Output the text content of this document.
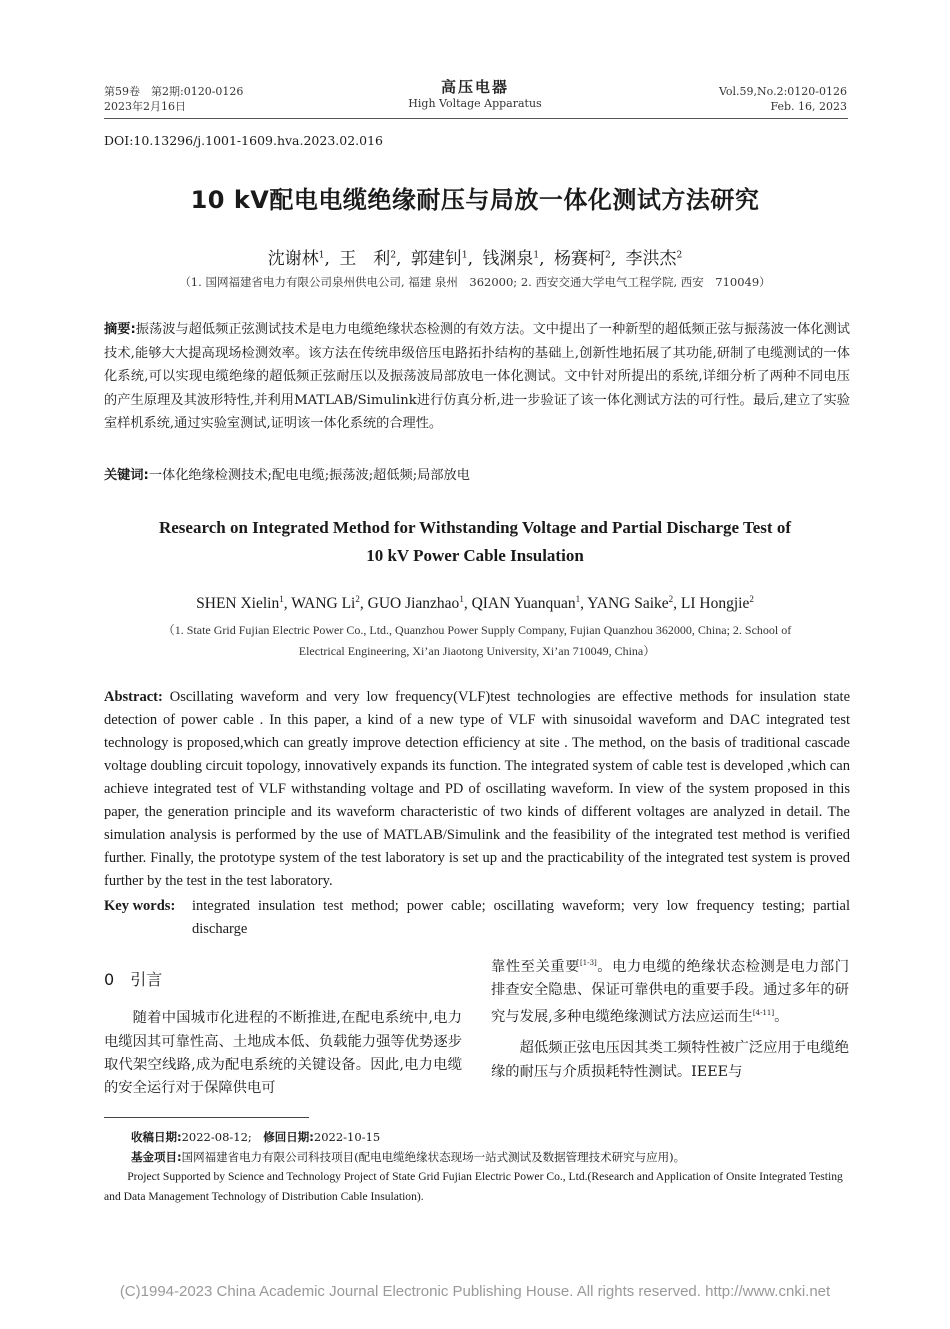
第59卷　第2期:0120-0126
2023年2月16日
高压电器
High Voltage Apparatus
Vol.59,No.2:0120-0126
Feb. 16, 2023
DOI:10.13296/j.1001-1609.hva.2023.02.016
10 kV配电电缆绝缘耐压与局放一体化测试方法研究
沈谢林$^1$, 王　利$^2$, 郭建钊$^1$, 钱渊泉$^1$, 杨赛柯$^2$, 李洪杰$^2$
（1. 国网福建省电力有限公司泉州供电公司, 福建 泉州　362000; 2. 西安交通大学电气工程学院, 西安　710049）
摘要:振荡波与超低频正弦测试技术是电力电缆绝缘状态检测的有效方法。文中提出了一种新型的超低频正弦与振荡波一体化测试技术,能够大大提高现场检测效率。该方法在传统串级倍压电路拓扑结构的基础上,创新性地拓展了其功能,研制了电缆测试的一体化系统,可以实现电缆绝缘的超低频正弦耐压以及振荡波局部放电一体化测试。文中针对所提出的系统,详细分析了两种不同电压的产生原理及其波形特性,并利用MATLAB/Simulink进行仿真分析,进一步验证了该一体化测试方法的可行性。最后,建立了实验室样机系统,通过实验室测试,证明该一体化系统的合理性。
关键词:一体化绝缘检测技术;配电电缆;振荡波;超低频;局部放电
Research on Integrated Method for Withstanding Voltage and Partial Discharge Test of
10 kV Power Cable Insulation
SHEN Xielin$^1$, WANG Li$^2$, GUO Jianzhao$^1$, QIAN Yuanquan$^1$, YANG Saike$^2$, LI Hongjie$^2$
（1. State Grid Fujian Electric Power Co., Ltd., Quanzhou Power Supply Company, Fujian Quanzhou 362000, China; 2. School of
Electrical Engineering, Xi’an Jiaotong University, Xi’an 710049, China）
Abstract: Oscillating waveform and very low frequency(VLF)test technologies are effective methods for insulation state detection of power cable . In this paper, a kind of a new type of VLF with sinusoidal waveform and DAC integrated test technology is proposed,which can greatly improve detection efficiency at site . The method, on the basis of traditional cascade voltage doubling circuit topology, innovatively expands its function. The integrated system of cable test is developed ,which can achieve integrated test of VLF withstanding voltage and PD of oscillating waveform. In view of the system proposed in this paper, the generation principle and its waveform characteristic of two kinds of different voltages are analyzed in detail. The simulation analysis is performed by the use of MATLAB/Simulink and the feasibility of the integrated test method is verified further. Finally, the prototype system of the test laboratory is set up and the practicability of the integrated test system is proved further by the test in the test laboratory.
Key words:	integrated insulation test method; power cable; oscillating waveform; very low frequency testing; partial discharge
0 引言

随着中国城市化进程的不断推进,在配电系统中,电力电缆因其可靠性高、土地成本低、负载能力强等优势逐步取代架空线路,成为配电系统的关键设备。因此,电力电缆的安全运行对于保障供电可

靠性至关重要[1-3]。电力电缆的绝缘状态检测是电力部门排查安全隐患、保证可靠供电的重要手段。通过多年的研究与发展,多种电缆绝缘测试方法应运而生[4-11]。

超低频正弦电压因其类工频特性被广泛应用于电缆绝缘的耐压与介质损耗特性测试。IEEE与

收稿日期:2022-08-12;　 修回日期:2022-10-15
基金项目:国网福建省电力有限公司科技项目(配电电缆绝缘状态现场一站式测试及数据管理技术研究与应用)。
Project Supported by Science and Technology Project of State Grid Fujian Electric Power Co., Ltd.(Research and Application of Onsite Integrated Testing and Data Management Technology of Distribution Cable Insulation).
(C)1994-2023 China Academic Journal Electronic Publishing House. All rights reserved. http://www.cnki.net
